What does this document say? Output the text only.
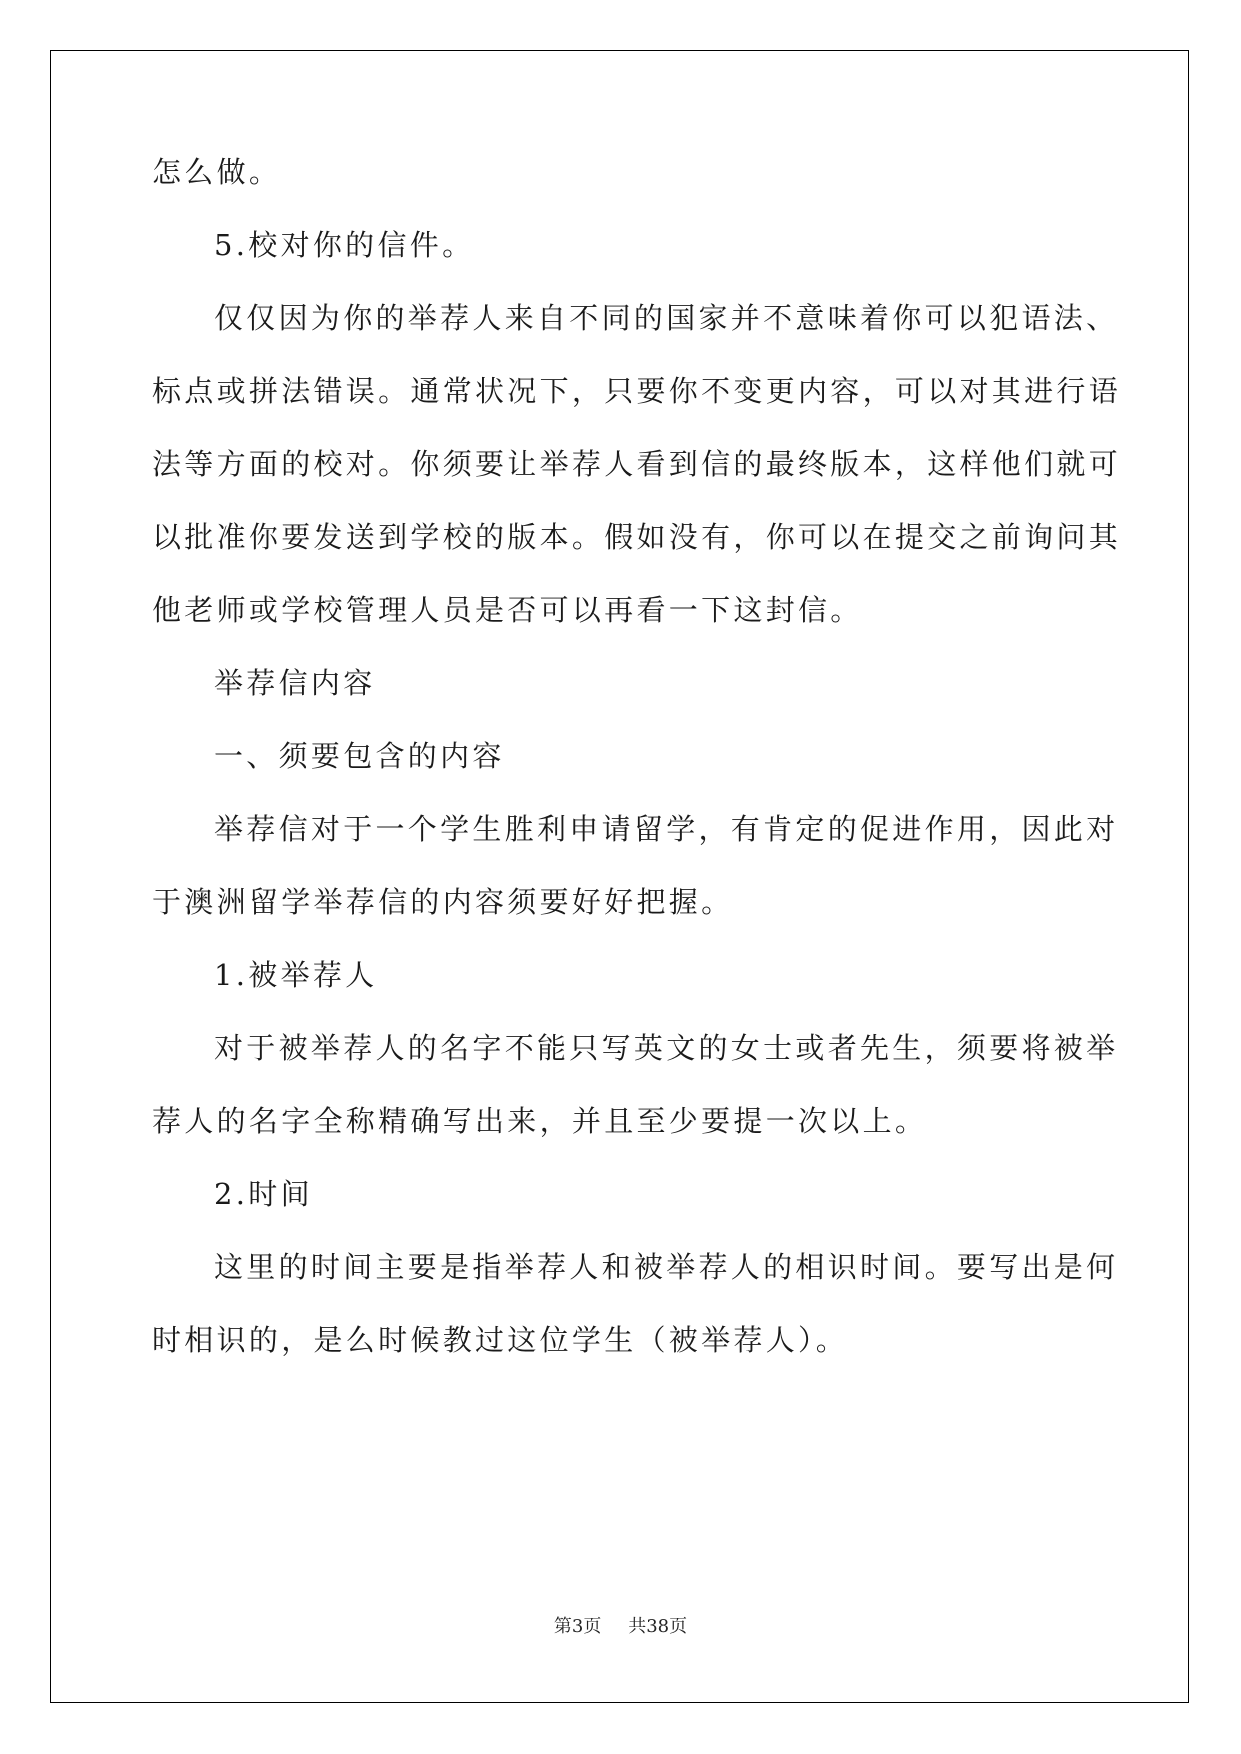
怎么做。
5.校对你的信件。
仅仅因为你的举荐人来自不同的国家并不意味着你可以犯语法、
标点或拼法错误。通常状况下，只要你不变更内容，可以对其进行语
法等方面的校对。你须要让举荐人看到信的最终版本，这样他们就可
以批准你要发送到学校的版本。假如没有，你可以在提交之前询问其
他老师或学校管理人员是否可以再看一下这封信。
举荐信内容
一、须要包含的内容
举荐信对于一个学生胜利申请留学，有肯定的促进作用，因此对
于澳洲留学举荐信的内容须要好好把握。
1.被举荐人
对于被举荐人的名字不能只写英文的女士或者先生，须要将被举
荐人的名字全称精确写出来，并且至少要提一次以上。
2.时间
这里的时间主要是指举荐人和被举荐人的相识时间。要写出是何
时相识的，是么时候教过这位学生（被举荐人）。
第3页 共38页
